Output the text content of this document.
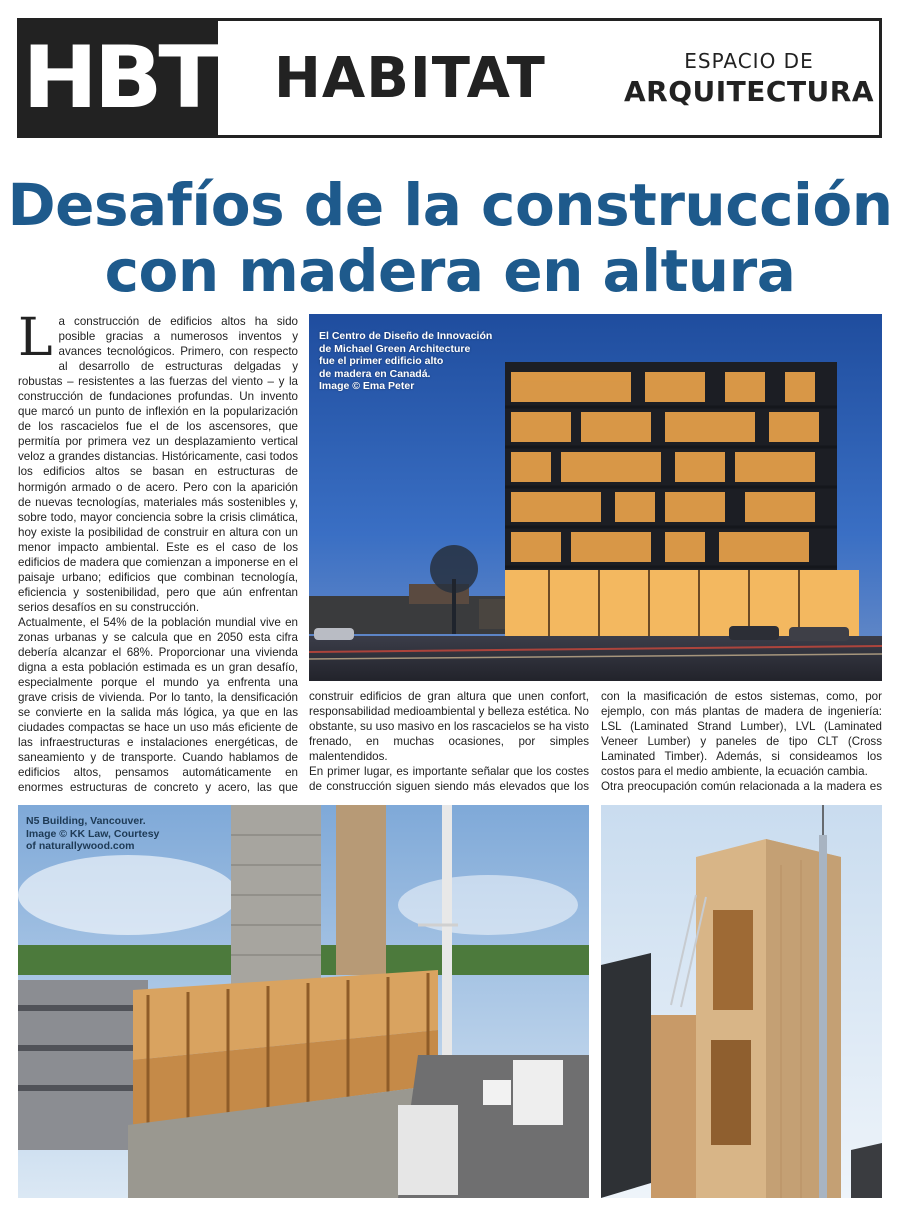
HBT HABITAT	ESPACIO DE
ARQUITECTURA
Desafíos de la construcción
con madera en altura

La construcción de edificios altos ha sido posible gracias a numerosos inventos y avances tecnológicos. Primero, con respecto al desarrollo de estructuras delgadas y robustas – resistentes a las fuerzas del viento – y la construcción de fundaciones profundas. Un invento que marcó un punto de inflexión en la popularización de los rascacielos fue el de los ascensores, que permitía por primera vez un desplazamiento vertical veloz a grandes distancias. Históricamente, casi todos los edificios altos se basan en estructuras de hormigón armado o de acero. Pero con la aparición de nuevas tecnologías, materiales más sostenibles y, sobre todo, mayor conciencia sobre la crisis climática, hoy existe la posibilidad de construir en altura con un menor impacto ambiental. Este es el caso de los edificios de madera que comienzan a imponerse en el paisaje urbano; edificios que combinan tecnología, eficiencia y sostenibilidad, pero que aún enfrentan serios desafíos en su construcción.

Actualmente, el 54% de la población mundial vive en zonas urbanas y se calcula que en 2050 esta cifra debería alcanzar el 68%. Proporcionar una vivienda digna a esta población estimada es un gran desafío, especialmente porque el mundo ya enfrenta una grave crisis de vivienda. Por lo tanto, la densificación se convierte en la salida más lógica, ya que en las ciudades compactas se hace un uso más eficiente de las infraestructuras e instalaciones energéticas, de saneamiento y de transporte. Cuando hablamos de edificios altos, pensamos automáticamente en enormes estructuras de concreto y acero, las que

El Centro de Diseño de Innovación
de Michael Green Architecture
fue el primer edificio alto
de madera en Canadá.
Image © Ema Peter

construir edificios de gran altura que unen confort, responsabilidad medioambiental y belleza estética. No obstante, su uso masivo en los rascacielos se ha visto frenado, en muchas ocasiones, por simples malentendidos.

En primer lugar, es importante señalar que los costes de construcción siguen siendo más elevados que los

con la masificación de estos sistemas, como, por ejemplo, con más plantas de madera de ingeniería: LSL (Laminated Strand Lumber), LVL (Laminated Veneer Lumber) y paneles de tipo CLT (Cross Laminated Timber). Además, si consideamos los costos para el medio ambiente, la ecuación cambia.

Otra preocupación común relacionada a la madera es

N5 Building, Vancouver.
Image © KK Law, Courtesy
of naturallywood.com
